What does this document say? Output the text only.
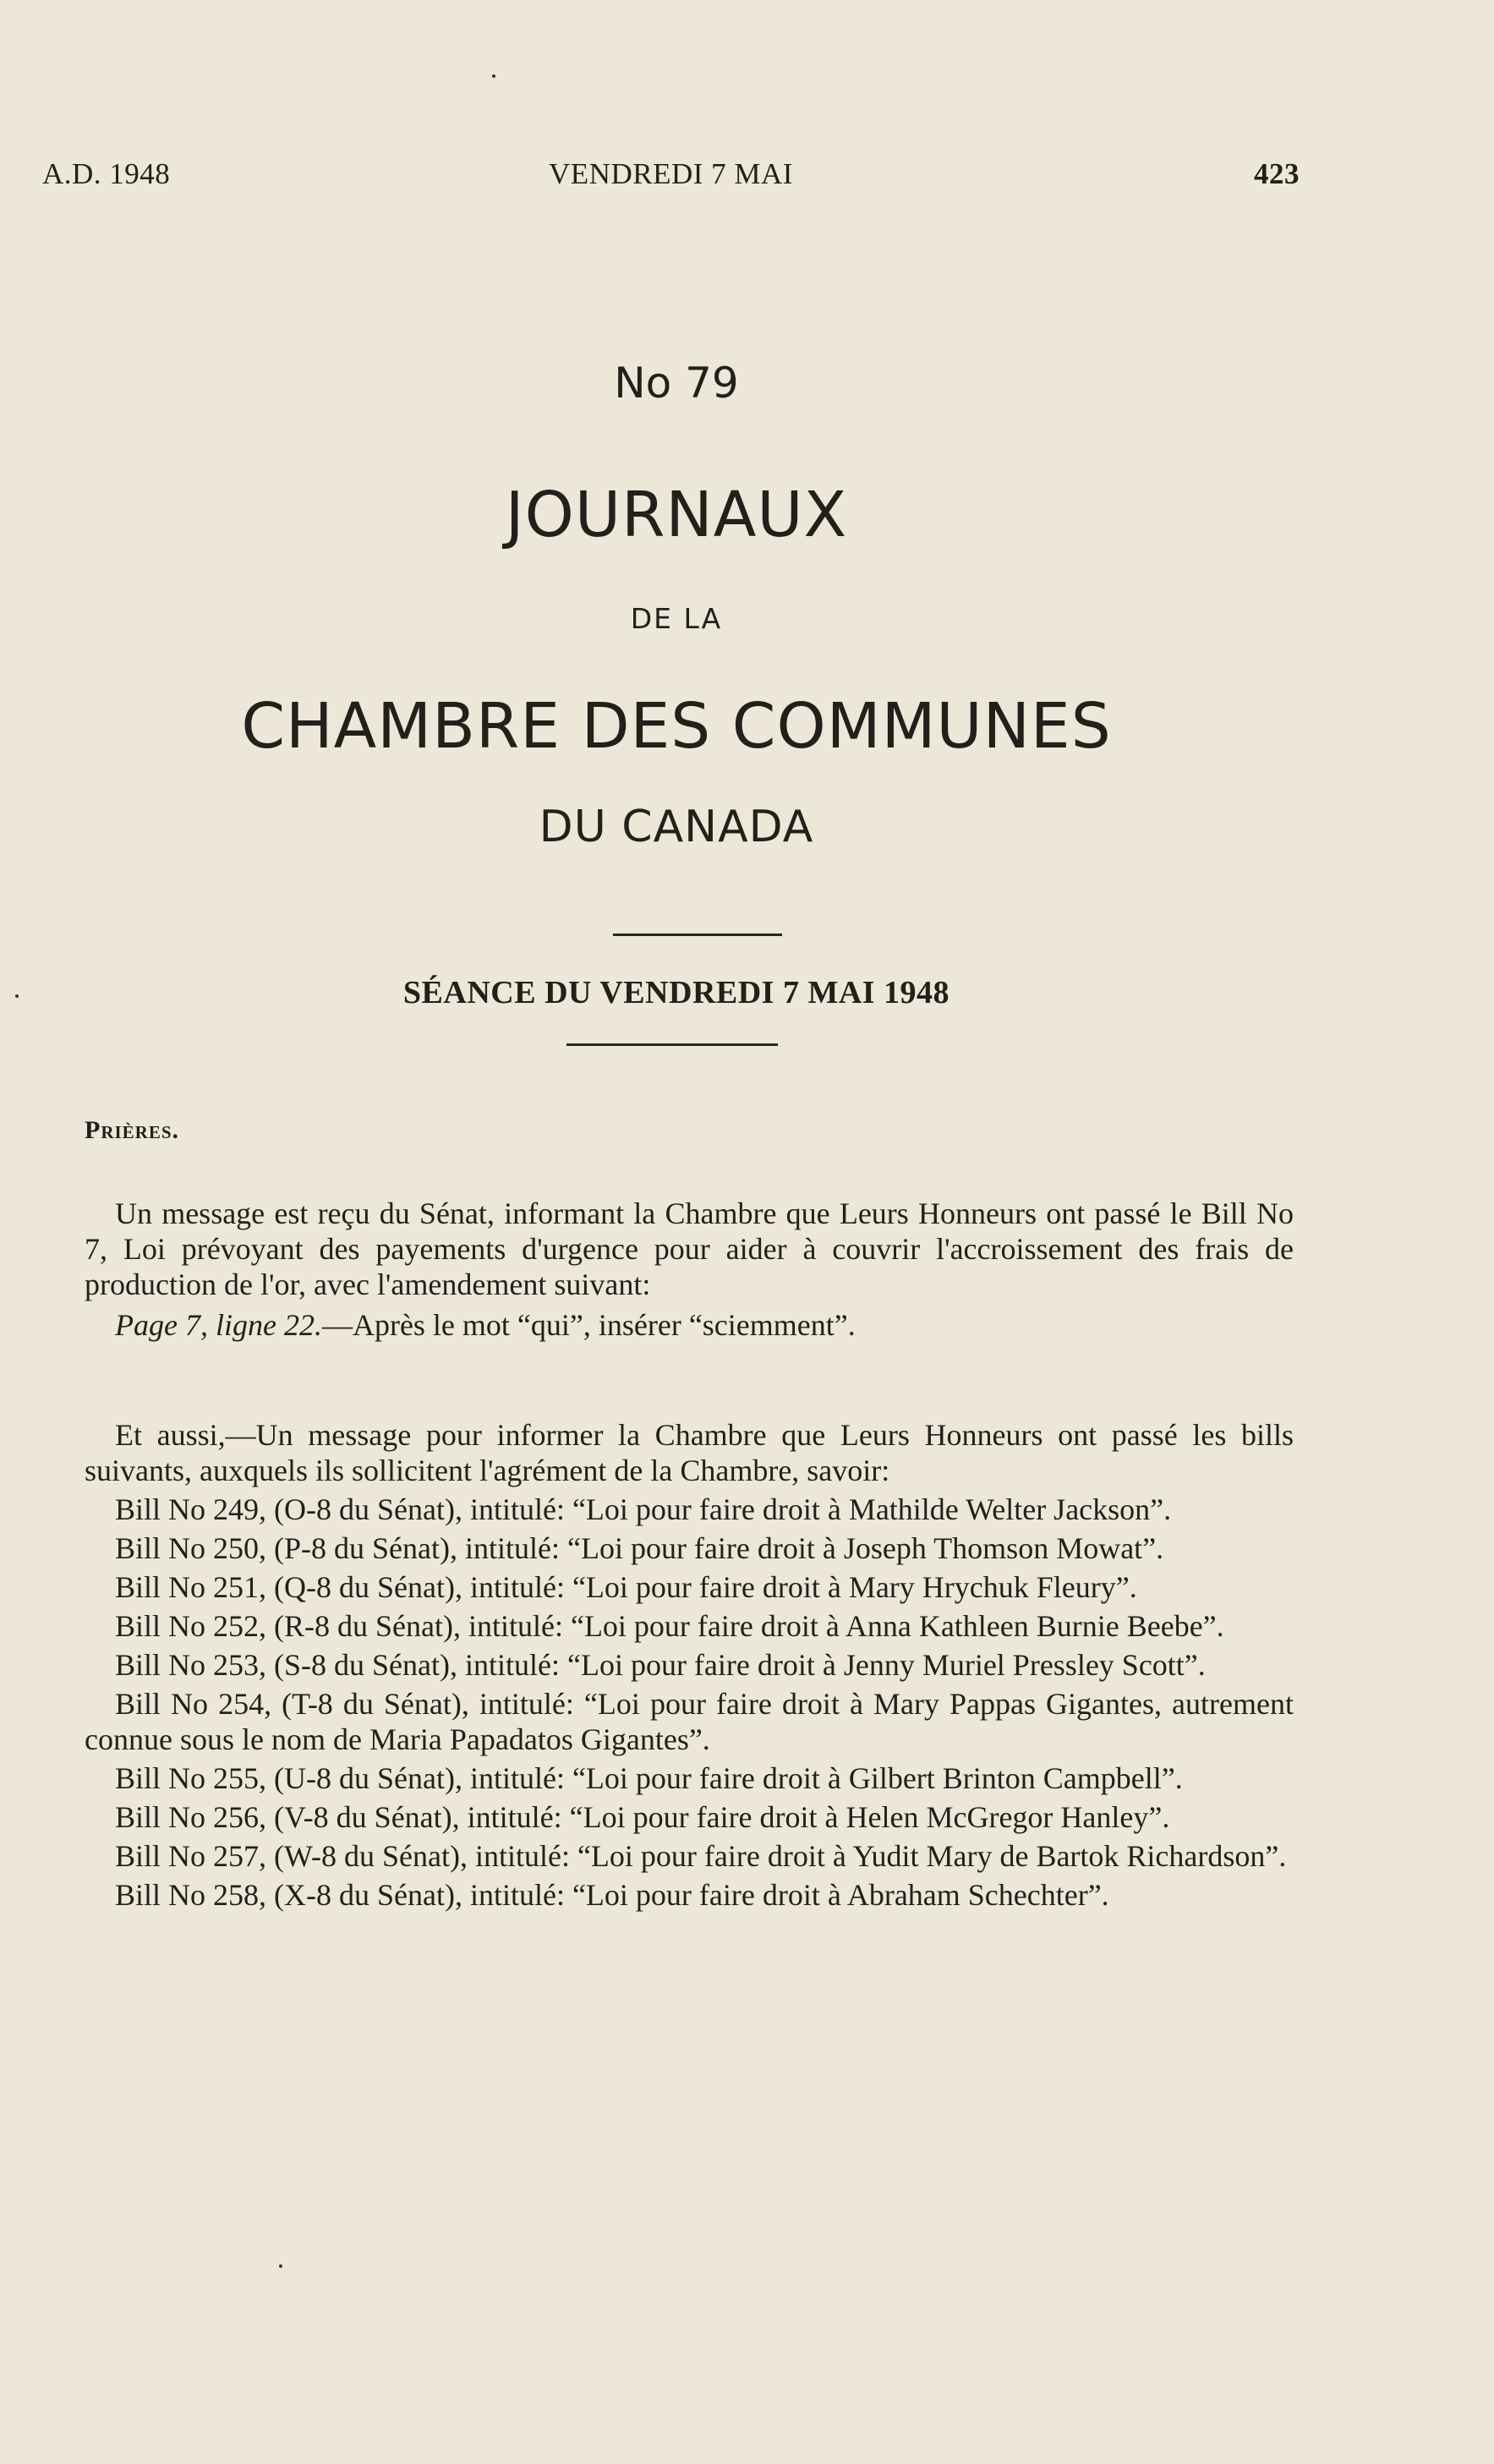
A.D. 1948	VENDREDI 7 MAI	423
No 79
JOURNAUX
DE LA
CHAMBRE DES COMMUNES
DU CANADA
SÉANCE DU VENDREDI 7 MAI 1948
Prières.

Un message est reçu du Sénat, informant la Chambre que Leurs Honneurs ont passé le Bill No 7, Loi prévoyant des payements d'urgence pour aider à couvrir l'accroissement des frais de production de l'or, avec l'amendement suivant:

Page 7, ligne 22.—Après le mot “qui”, insérer “sciemment”.

Et aussi,—Un message pour informer la Chambre que Leurs Honneurs ont passé les bills suivants, auxquels ils sollicitent l'agrément de la Chambre, savoir:

Bill No 249, (O-8 du Sénat), intitulé: “Loi pour faire droit à Mathilde Welter Jackson”.

Bill No 250, (P-8 du Sénat), intitulé: “Loi pour faire droit à Joseph Thomson Mowat”.

Bill No 251, (Q-8 du Sénat), intitulé: “Loi pour faire droit à Mary Hrychuk Fleury”.

Bill No 252, (R-8 du Sénat), intitulé: “Loi pour faire droit à Anna Kathleen Burnie Beebe”.

Bill No 253, (S-8 du Sénat), intitulé: “Loi pour faire droit à Jenny Muriel Pressley Scott”.

Bill No 254, (T-8 du Sénat), intitulé: “Loi pour faire droit à Mary Pappas Gigantes, autrement connue sous le nom de Maria Papadatos Gigantes”.

Bill No 255, (U-8 du Sénat), intitulé: “Loi pour faire droit à Gilbert Brinton Campbell”.

Bill No 256, (V-8 du Sénat), intitulé: “Loi pour faire droit à Helen McGregor Hanley”.

Bill No 257, (W-8 du Sénat), intitulé: “Loi pour faire droit à Yudit Mary de Bartok Richardson”.

Bill No 258, (X-8 du Sénat), intitulé: “Loi pour faire droit à Abraham Schechter”.
